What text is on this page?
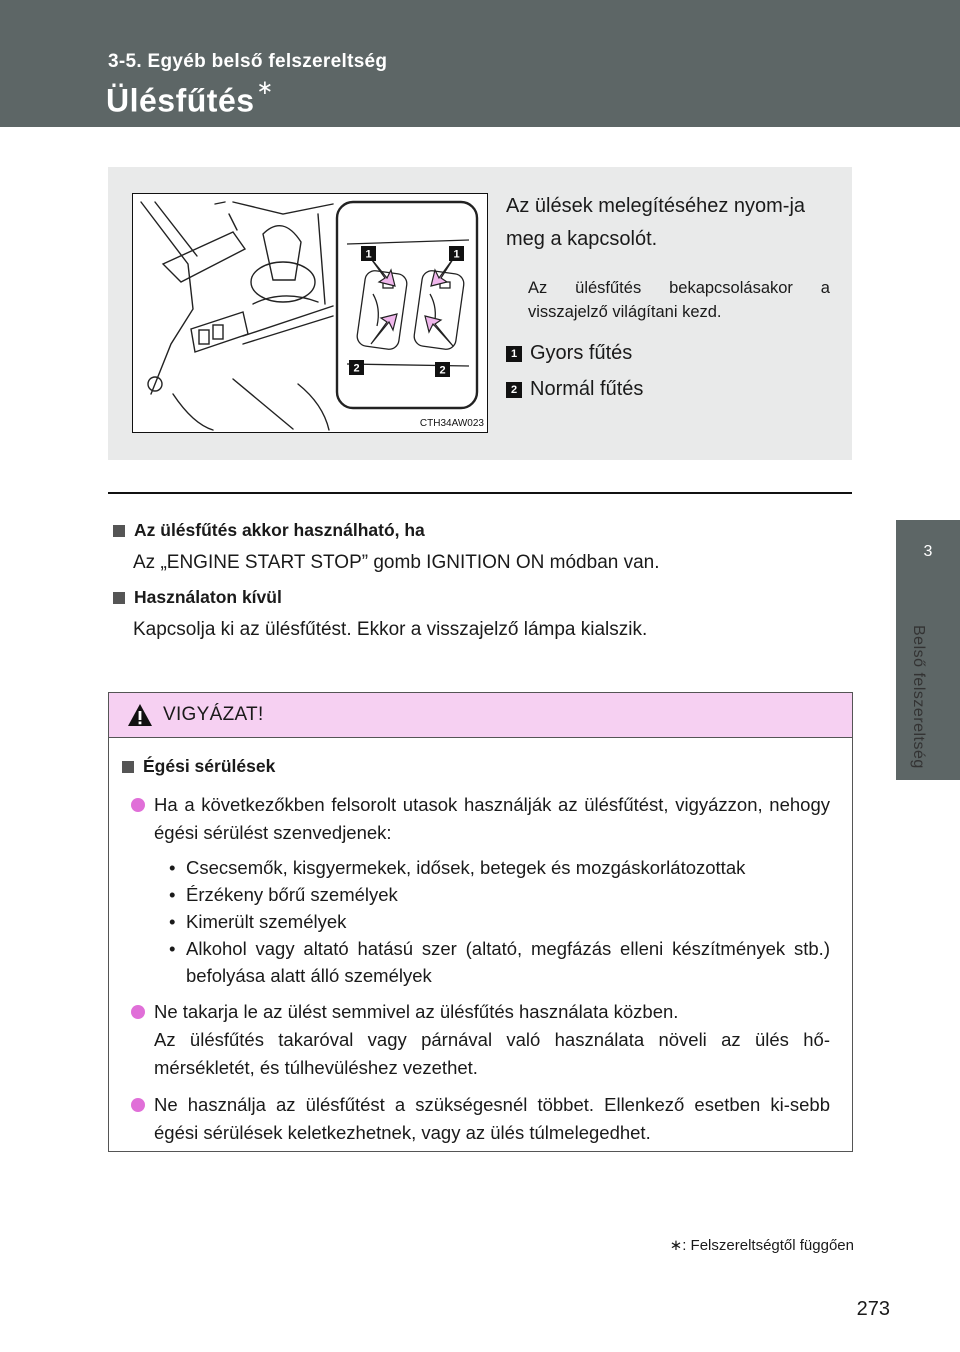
3-5. Egyéb belső felszereltség
Ülésfűtés ∗
3
Belső felszereltség
1	1
2	2
CTH34AW023
Az ülések melegítéséhez nyom-ja meg a kapcsolót.
Az ülésfűtés bekapcsolásakor a visszajelző világítani kezd.
1 Gyors fűtés
2 Normál fűtés
Az ülésfűtés akkor használható, ha
Az „ENGINE START STOP” gomb IGNITION ON módban van.
Használaton kívül
Kapcsolja ki az ülésfűtést. Ekkor a visszajelző lámpa kialszik.
VIGYÁZAT!
Égési sérülések
Ha a következőkben felsorolt utasok használják az ülésfűtést, vigyázzon, nehogy égési sérülést szenvedjenek:
• Csecsemők, kisgyermekek, idősek, betegek és mozgáskorlátozottak
• Érzékeny bőrű személyek
• Kimerült személyek
• Alkohol vagy altató hatású szer (altató, megfázás elleni készítmények stb.) befolyása alatt álló személyek
Ne takarja le az ülést semmivel az ülésfűtés használata közben.
Az ülésfűtés takaróval vagy párnával való használata növeli az ülés hő-mérsékletét, és túlhevüléshez vezethet.
Ne használja az ülésfűtést a szükségesnél többet. Ellenkező esetben ki-sebb égési sérülések keletkezhetnek, vagy az ülés túlmelegedhet.
∗: Felszereltségtől függően
273
